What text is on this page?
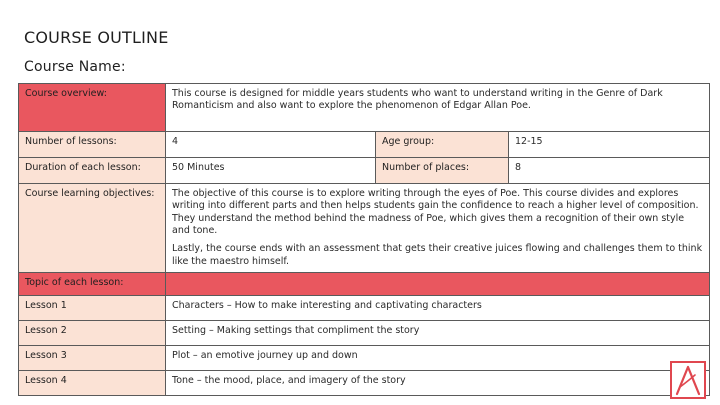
COURSE OUTLINE
Course Name:
Course overview:	This course is designed for middle years students who want to understand writing in the Genre of Dark Romanticism and also want to explore the phenomenon of Edgar Allan Poe.		
Number of lessons:	4	Age group:	12-15
Duration of each lesson:	50 Minutes	Number of places:	8
Course learning objectives:	The objective of this course is to explore writing through the eyes of Poe. This course divides and explores writing into different parts and then helps students gain the confidence to reach a higher level of composition. They understand the method behind the madness of Poe, which gives them a recognition of their own style and tone.
Lastly, the course ends with an assessment that gets their creative juices flowing and challenges them to think like the maestro himself.		

Topic of each lesson:			
Lesson 1	Characters – How to make interesting and captivating characters		
Lesson 2	Setting – Making settings that compliment the story		
Lesson 3	Plot – an emotive journey up and down		
Lesson 4	Tone – the mood, place, and imagery of the story		
